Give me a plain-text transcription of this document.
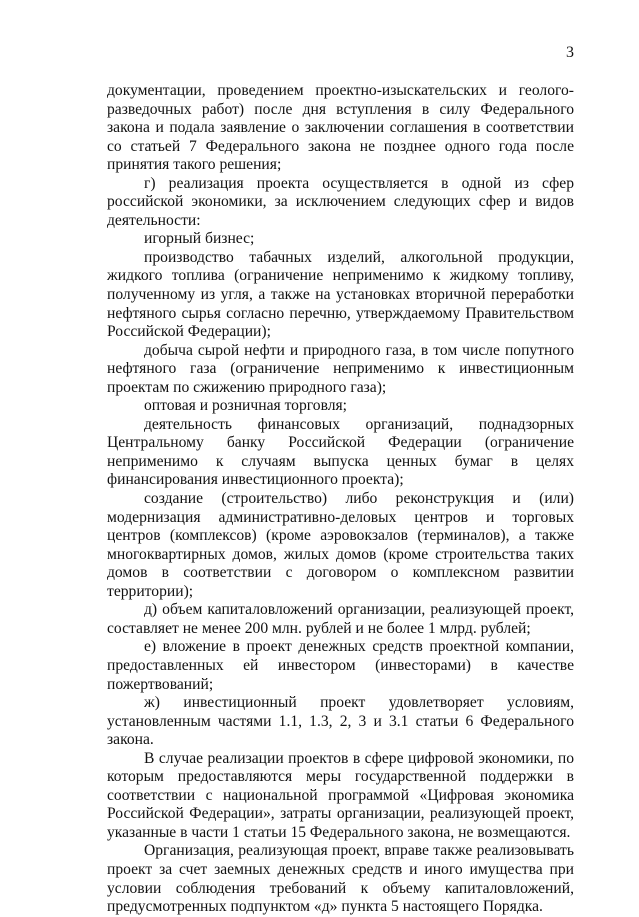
3

документации, проведением проектно-изыскательских и геолого-разведочных работ) после дня вступления в силу Федерального закона и подала заявление о заключении соглашения в соответствии со статьей 7 Федерального закона не позднее одного года после принятия такого решения;

г) реализация проекта осуществляется в одной из сфер российской экономики, за исключением следующих сфер и видов деятельности:

игорный бизнес;

производство табачных изделий, алкогольной продукции, жидкого топлива (ограничение неприменимо к жидкому топливу, полученному из угля, а также на установках вторичной переработки нефтяного сырья согласно перечню, утверждаемому Правительством Российской Федерации);

добыча сырой нефти и природного газа, в том числе попутного нефтяного газа (ограничение неприменимо к инвестиционным проектам по сжижению природного газа);

оптовая и розничная торговля;

деятельность финансовых организаций, поднадзорных Центральному банку Российской Федерации (ограничение неприменимо к случаям выпуска ценных бумаг в целях финансирования инвестиционного проекта);

создание (строительство) либо реконструкция и (или) модернизация административно-деловых центров и торговых центров (комплексов) (кроме аэровокзалов (терминалов), а также многоквартирных домов, жилых домов (кроме строительства таких домов в соответствии с договором о комплексном развитии территории);

д) объем капиталовложений организации, реализующей проект, составляет не менее 200 млн. рублей и не более 1 млрд. рублей;

е) вложение в проект денежных средств проектной компании, предоставленных ей инвестором (инвесторами) в качестве пожертвований;

ж) инвестиционный проект удовлетворяет условиям, установленным частями 1.1, 1.3, 2, 3 и 3.1 статьи 6 Федерального закона.

В случае реализации проектов в сфере цифровой экономики, по которым предоставляются меры государственной поддержки в соответствии с национальной программой «Цифровая экономика Российской Федерации», затраты организации, реализующей проект, указанные в части 1 статьи 15 Федерального закона, не возмещаются.

Организация, реализующая проект, вправе также реализовывать проект за счет заемных денежных средств и иного имущества при условии соблюдения требований к объему капиталовложений, предусмотренных подпунктом «д» пункта 5 настоящего Порядка.
